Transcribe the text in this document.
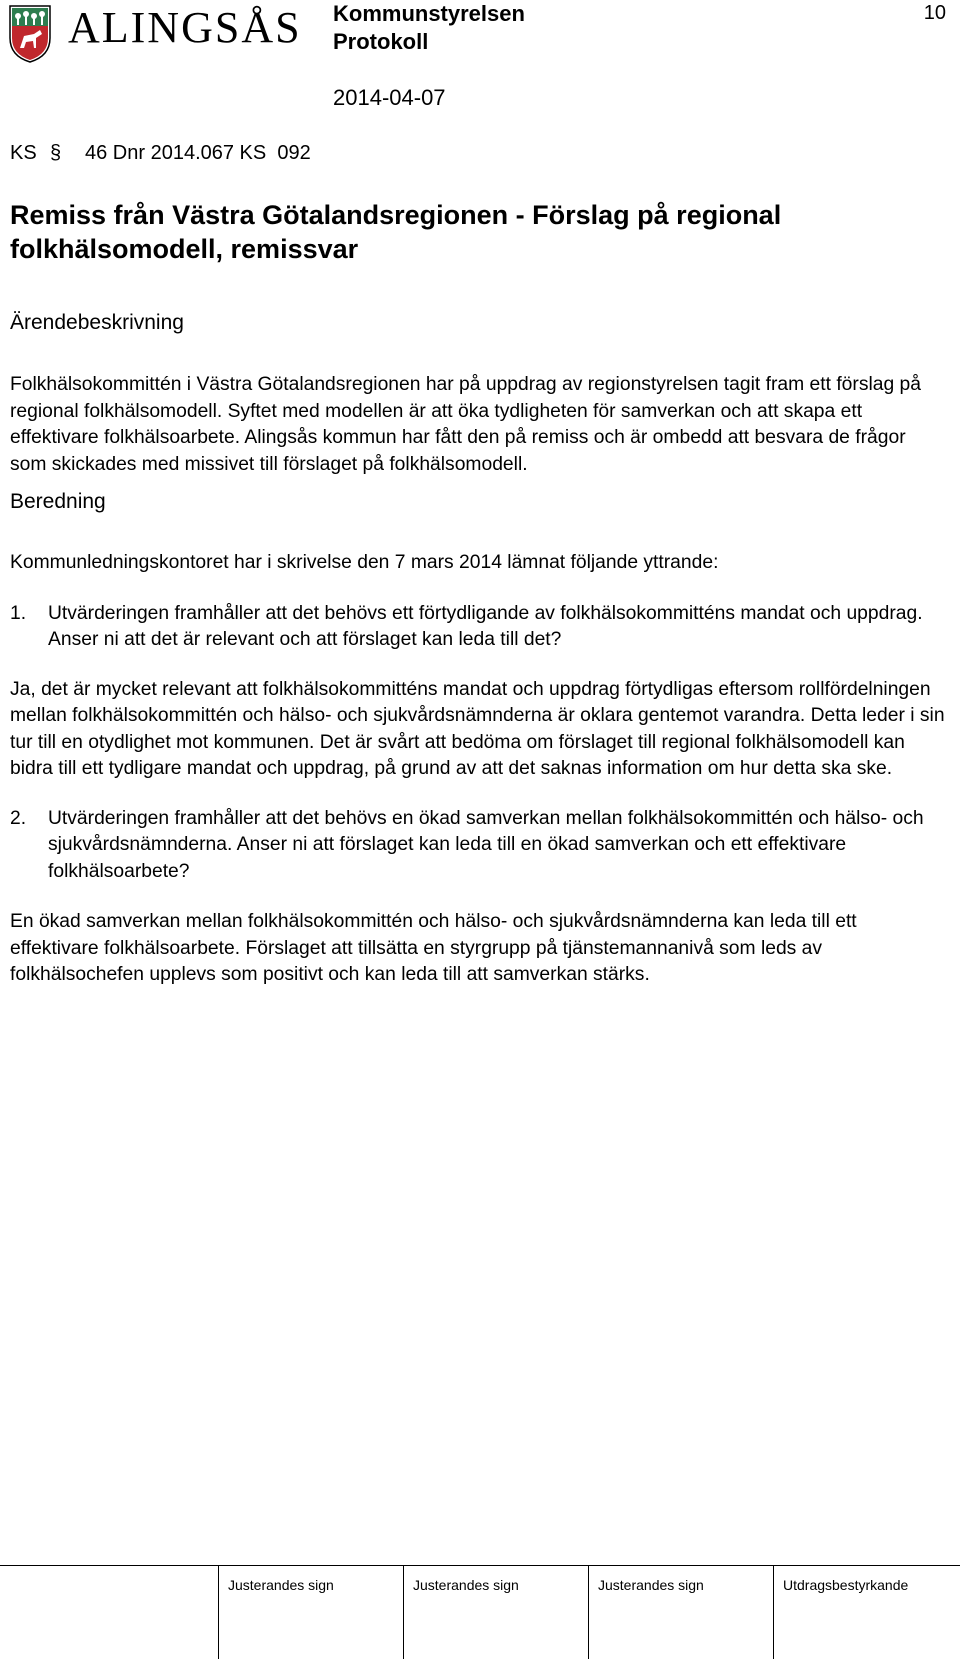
ALINGSÅS Kommunstyrelsen
Protokoll
2014-04-07
10
KS § 46 Dnr 2014.067 KS  092
Remiss från Västra Götalandsregionen - Förslag på regional folkhälsomodell, remissvar
Ärendebeskrivning

Folkhälsokommittén i Västra Götalandsregionen har på uppdrag av regionstyrelsen tagit fram ett förslag på regional folkhälsomodell. Syftet med modellen är att öka tydligheten för samverkan och att skapa ett effektivare folkhälsoarbete. Alingsås kommun har fått den på remiss och är ombedd att besvara de frågor som skickades med missivet till förslaget på folkhälsomodell.

Beredning

Kommunledningskontoret har i skrivelse den 7 mars 2014 lämnat följande yttrande:

1.	Utvärderingen framhåller att det behövs ett förtydligande av folkhälsokommitténs mandat och uppdrag. Anser ni att det är relevant och att förslaget kan leda till det?

Ja, det är mycket relevant att folkhälsokommitténs mandat och uppdrag förtydligas eftersom rollfördelningen mellan folkhälsokommittén och hälso- och sjukvårdsnämnderna är oklara gentemot varandra. Detta leder i sin tur till en otydlighet mot kommunen. Det är svårt att bedöma om förslaget till regional folkhälsomodell kan bidra till ett tydligare mandat och uppdrag, på grund av att det saknas information om hur detta ska ske.

2.	Utvärderingen framhåller att det behövs en ökad samverkan mellan folkhälsokommittén och hälso- och sjukvårdsnämnderna. Anser ni att förslaget kan leda till en ökad samverkan och ett effektivare folkhälsoarbete?

En ökad samverkan mellan folkhälsokommittén och hälso- och sjukvårdsnämnderna kan leda till ett effektivare folkhälsoarbete. Förslaget att tillsätta en styrgrupp på tjänstemannanivå som leds av folkhälsochefen upplevs som positivt och kan leda till att samverkan stärks.

Justerandes sign	Justerandes sign	Justerandes sign	Utdragsbestyrkande
